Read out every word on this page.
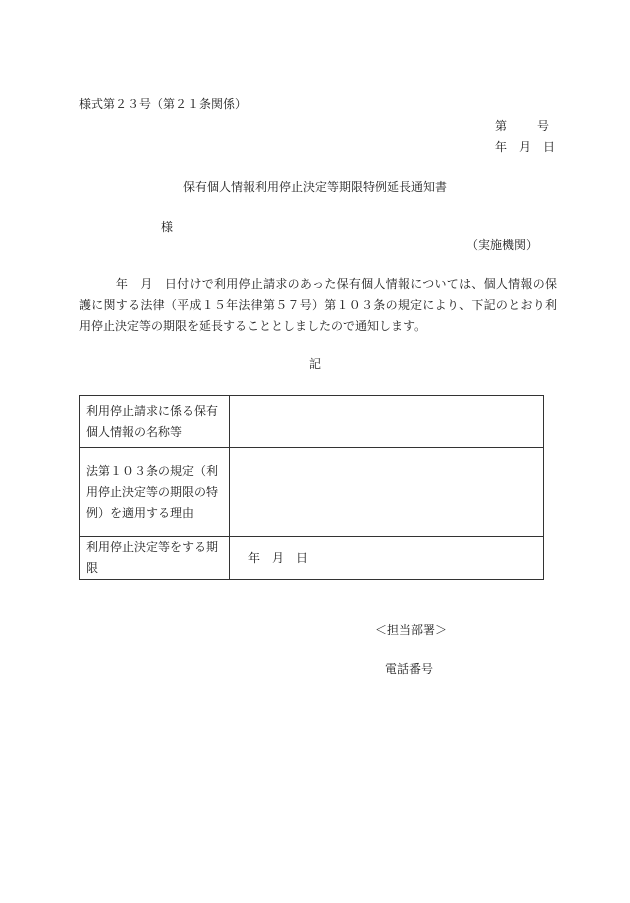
様式第２３号（第２１条関係）
第	号
年 月 日
保有個人情報利用停止決定等期限特例延長通知書
様
（実施機関）
　　　年　月　日付けで利用停止請求のあった保有個人情報については、個人情報の保護に関する法律（平成１５年法律第５７号）第１０３条の規定により、下記のとおり利用停止決定等の期限を延長することとしましたので通知します。
記
利用停止請求に係る保有個人情報の名称等	
法第１０３条の規定（利用停止決定等の期限の特例）を適用する理由	
利用停止決定等をする期限	年 月 日
＜担当部署＞
電話番号
